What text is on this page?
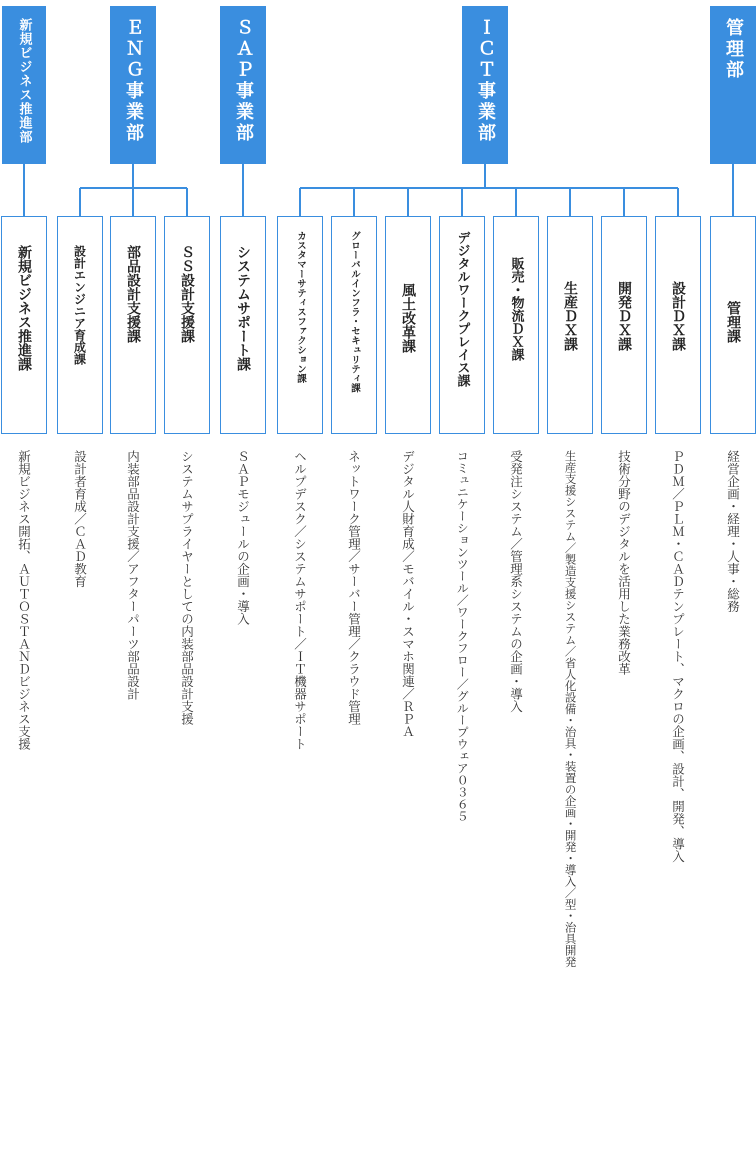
新規ビジネス推進部	ＥＮＧ事業部	ＳＡＰ事業部	ＩＣＴ事業部	管理部
新規ビジネス推進課	設計エンジニア育成課	部品設計支援課	ＳＳ設計支援課	システムサポート課	カスタマーサティスファクション課	グローバルインフラ・セキュリティ課	風土改革課	デジタルワークプレイス課	販売・物流ＤＸ課	生産ＤＸ課	開発ＤＸ課	設計ＤＸ課	管理課
新規ビジネス開拓、ＡＵＴＯＳＴＡＮＤビジネス支援	設計者育成／ＣＡＤ教育	内装部品設計支援／アフターパーツ部品設計	システムサプライヤーとしての内装部品設計支援	ＳＡＰモジュールの企画・導入	ヘルプデスク／システムサポート／ＩＴ機器サポート	ネットワーク管理／サーバー管理／クラウド管理	デジタル人財育成／モバイル・スマホ関連／ＲＰＡ	コミュニケーションツール／ワークフロー／グループウェア０３６５	受発注システム／管理系システムの企画・導入	生産支援システム／製造支援システム／省人化設備・治具・装置の企画・開発・導入／型・治具開発	技術分野のデジタルを活用した業務改革	ＰＤＭ／ＰＬＭ・ＣＡＤテンプレート、マクロの企画、設計、開発、導入	経営企画・経理・人事・総務
